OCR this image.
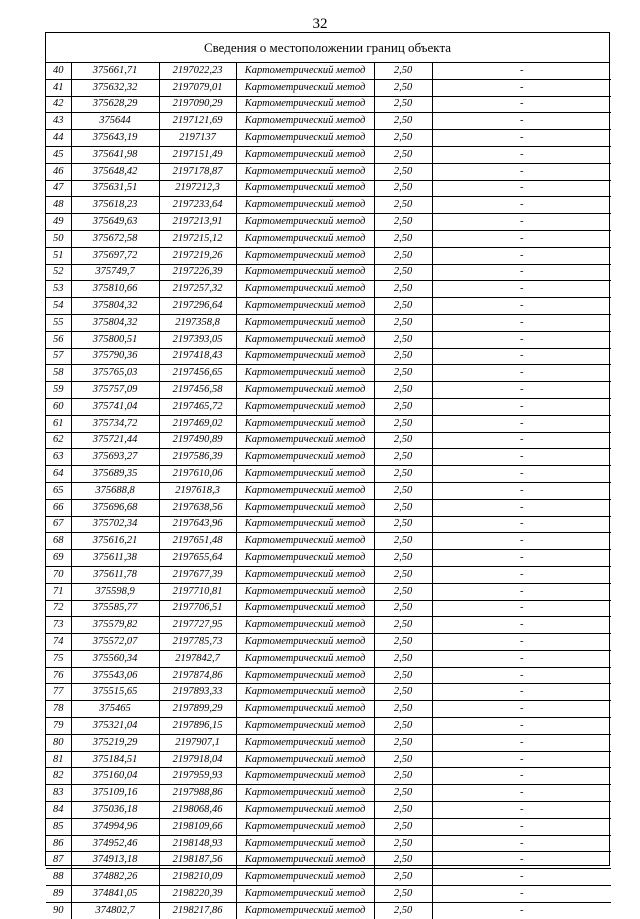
32
Сведения о местоположении границ объекта
40	375661,71	2197022,23	Картометрический метод	2,50	-
41	375632,32	2197079,01	Картометрический метод	2,50	-
42	375628,29	2197090,29	Картометрический метод	2,50	-
43	375644	2197121,69	Картометрический метод	2,50	-
44	375643,19	2197137	Картометрический метод	2,50	-
45	375641,98	2197151,49	Картометрический метод	2,50	-
46	375648,42	2197178,87	Картометрический метод	2,50	-
47	375631,51	2197212,3	Картометрический метод	2,50	-
48	375618,23	2197233,64	Картометрический метод	2,50	-
49	375649,63	2197213,91	Картометрический метод	2,50	-
50	375672,58	2197215,12	Картометрический метод	2,50	-
51	375697,72	2197219,26	Картометрический метод	2,50	-
52	375749,7	2197226,39	Картометрический метод	2,50	-
53	375810,66	2197257,32	Картометрический метод	2,50	-
54	375804,32	2197296,64	Картометрический метод	2,50	-
55	375804,32	2197358,8	Картометрический метод	2,50	-
56	375800,51	2197393,05	Картометрический метод	2,50	-
57	375790,36	2197418,43	Картометрический метод	2,50	-
58	375765,03	2197456,65	Картометрический метод	2,50	-
59	375757,09	2197456,58	Картометрический метод	2,50	-
60	375741,04	2197465,72	Картометрический метод	2,50	-
61	375734,72	2197469,02	Картометрический метод	2,50	-
62	375721,44	2197490,89	Картометрический метод	2,50	-
63	375693,27	2197586,39	Картометрический метод	2,50	-
64	375689,35	2197610,06	Картометрический метод	2,50	-
65	375688,8	2197618,3	Картометрический метод	2,50	-
66	375696,68	2197638,56	Картометрический метод	2,50	-
67	375702,34	2197643,96	Картометрический метод	2,50	-
68	375616,21	2197651,48	Картометрический метод	2,50	-
69	375611,38	2197655,64	Картометрический метод	2,50	-
70	375611,78	2197677,39	Картометрический метод	2,50	-
71	375598,9	2197710,81	Картометрический метод	2,50	-
72	375585,77	2197706,51	Картометрический метод	2,50	-
73	375579,82	2197727,95	Картометрический метод	2,50	-
74	375572,07	2197785,73	Картометрический метод	2,50	-
75	375560,34	2197842,7	Картометрический метод	2,50	-
76	375543,06	2197874,86	Картометрический метод	2,50	-
77	375515,65	2197893,33	Картометрический метод	2,50	-
78	375465	2197899,29	Картометрический метод	2,50	-
79	375321,04	2197896,15	Картометрический метод	2,50	-
80	375219,29	2197907,1	Картометрический метод	2,50	-
81	375184,51	2197918,04	Картометрический метод	2,50	-
82	375160,04	2197959,93	Картометрический метод	2,50	-
83	375109,16	2197988,86	Картометрический метод	2,50	-
84	375036,18	2198068,46	Картометрический метод	2,50	-
85	374994,96	2198109,66	Картометрический метод	2,50	-
86	374952,46	2198148,93	Картометрический метод	2,50	-
87	374913,18	2198187,56	Картометрический метод	2,50	-
88	374882,26	2198210,09	Картометрический метод	2,50	-
89	374841,05	2198220,39	Картометрический метод	2,50	-
90	374802,7	2198217,86	Картометрический метод	2,50	-
